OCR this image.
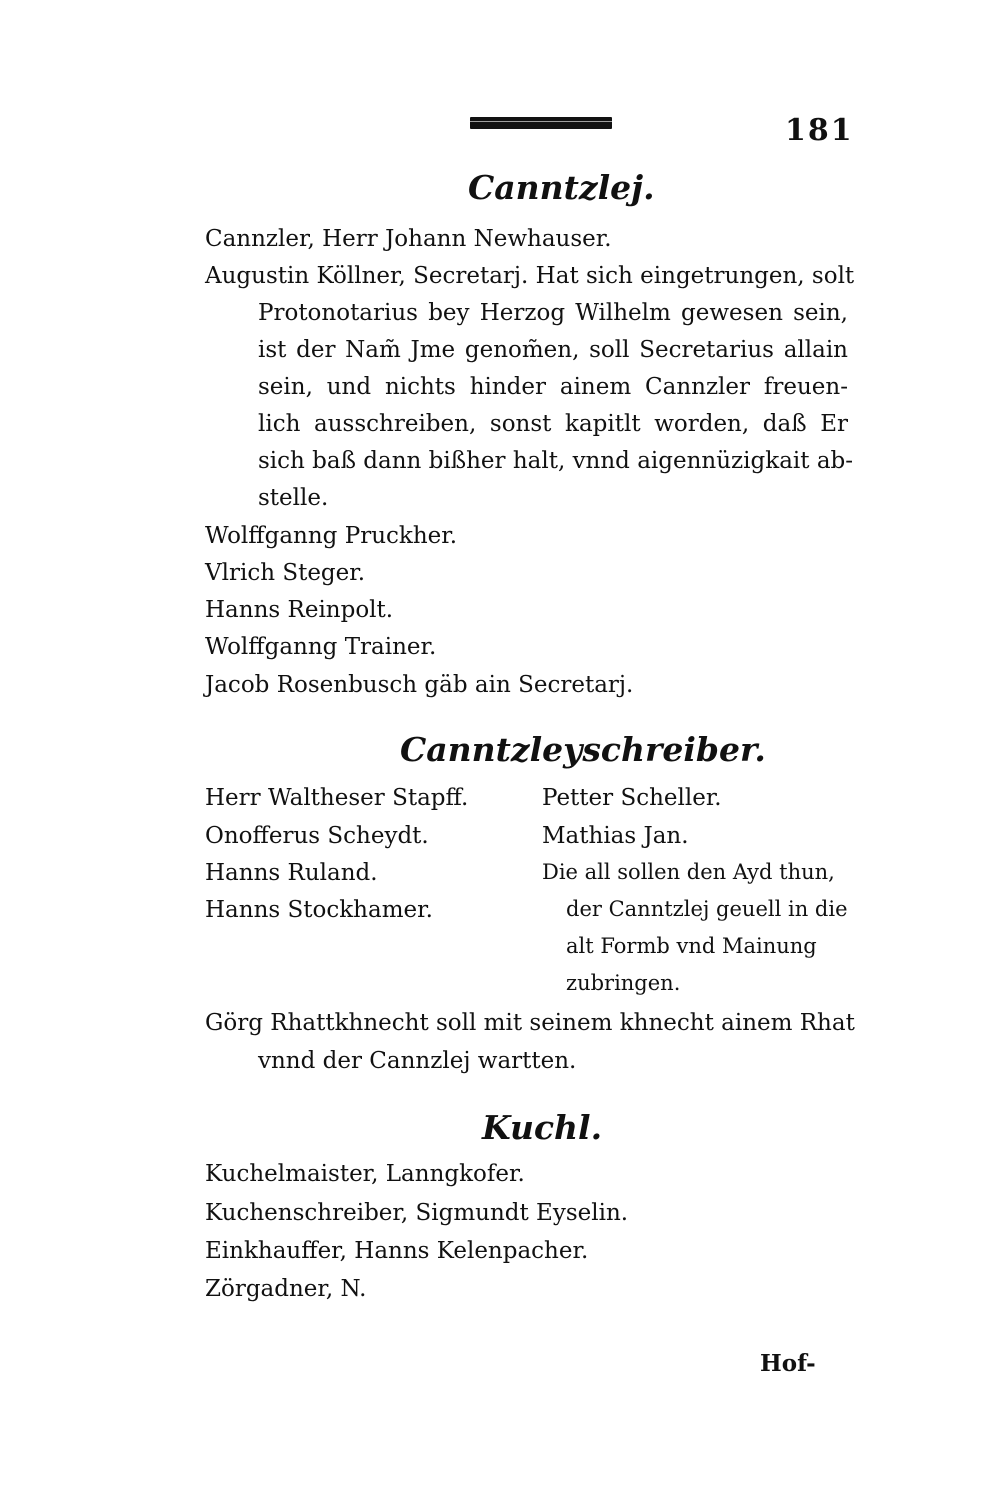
181
Canntzlej.
Cannzler, Herr Johann Newhauser.
Augustin Köllner, Secretarj. Hat sich eingetrungen, solt
Protonotarius bey Herzog Wilhelm gewesen sein,
ist der Nam̃ Jme genom̃en, soll Secretarius allain
sein, und nichts hinder ainem Cannzler freuen-
lich ausschreiben, sonst kapitlt worden, daß Er
sich baß dann bißher halt, vnnd aigennüzigkait ab-
stelle.
Wolffganng Pruckher.
Vlrich Steger.
Hanns Reinpolt.
Wolffganng Trainer.
Jacob Rosenbusch gäb ain Secretarj.
Canntzleyschreiber.
Herr Waltheser Stapff.
Onofferus Scheydt.
Hanns Ruland.
Hanns Stockhamer.
Petter Scheller.
Mathias Jan.
Die all sollen den Ayd thun,
der Canntzlej geuell in die
alt Formb vnd Mainung
zubringen.
Görg Rhattkhnecht soll mit seinem khnecht ainem Rhat
vnnd der Cannzlej wartten.
Kuchl.
Kuchelmaister, Lanngkofer.
Kuchenschreiber, Sigmundt Eyselin.
Einkhauffer, Hanns Kelenpacher.
Zörgadner, N.
Hof-
